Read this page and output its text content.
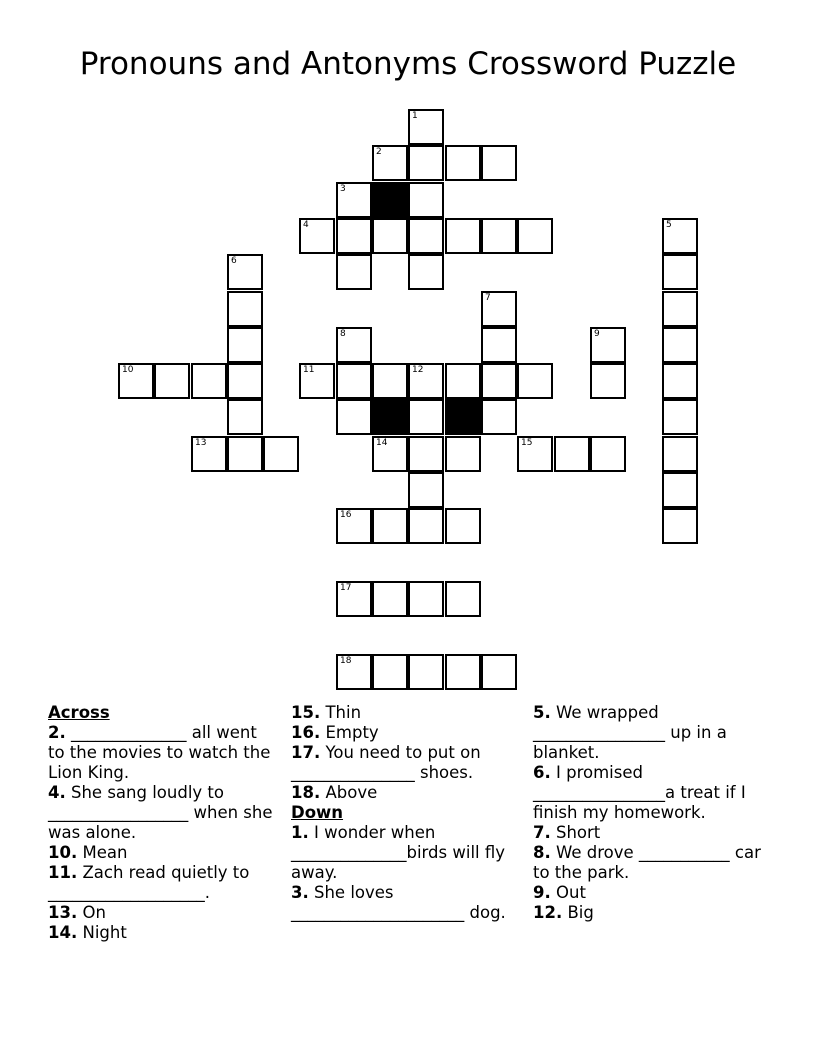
Pronouns and Antonyms Crossword Puzzle
1
2
3
4	5
6
7
8	9
10	11	12
13	14	15
16
17
18
Across
2. ______________ all went to the movies to watch the Lion King.
4. She sang loudly to _________________ when she was alone.
10. Mean
11. Zach read quietly to ___________________.
13. On
14. Night
15. Thin
16. Empty
17. You need to put on _______________ shoes.
18. Above
Down
1. I wonder when ______________birds will fly away.
3. She loves _____________________ dog.
5. We wrapped ________________ up in a blanket.
6. I promised ________________a treat if I finish my homework.
7. Short
8. We drove ___________ car to the park.
9. Out
12. Big
